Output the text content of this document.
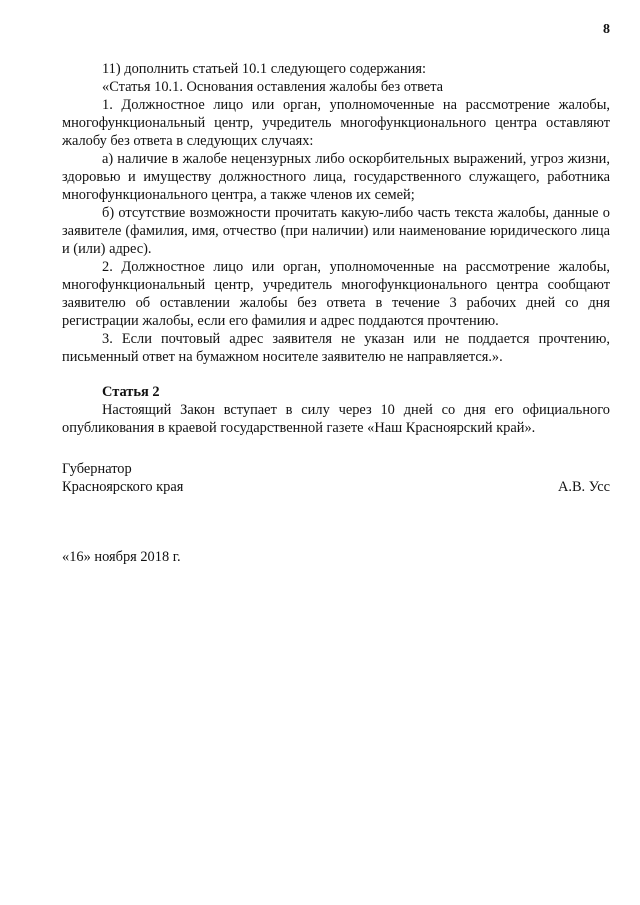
8

11) дополнить статьей 10.1 следующего содержания:

«Статья 10.1. Основания оставления жалобы без ответа

1. Должностное лицо или орган, уполномоченные на рассмотрение жалобы, многофункциональный центр, учредитель многофункционального центра оставляют жалобу без ответа в следующих случаях:

а) наличие в жалобе нецензурных либо оскорбительных выражений, угроз жизни, здоровью и имуществу должностного лица, государственного служащего, работника многофункционального центра, а также членов их семей;

б) отсутствие возможности прочитать какую-либо часть текста жалобы, данные о заявителе (фамилия, имя, отчество (при наличии) или наименование юридического лица и (или) адрес).

2. Должностное лицо или орган, уполномоченные на рассмотрение жалобы, многофункциональный центр, учредитель многофункционального центра сообщают заявителю об оставлении жалобы без ответа в течение 3 рабочих дней со дня регистрации жалобы, если его фамилия и адрес поддаются прочтению.

3. Если почтовый адрес заявителя не указан или не поддается прочтению, письменный ответ на бумажном носителе заявителю не направляется.».

Статья 2

Настоящий Закон вступает в силу через 10 дней со дня его официального опубликования в краевой государственной газете «Наш Красноярский край».

Губернатор
Красноярского края	А.В. Усс
«16» ноября 2018 г.
